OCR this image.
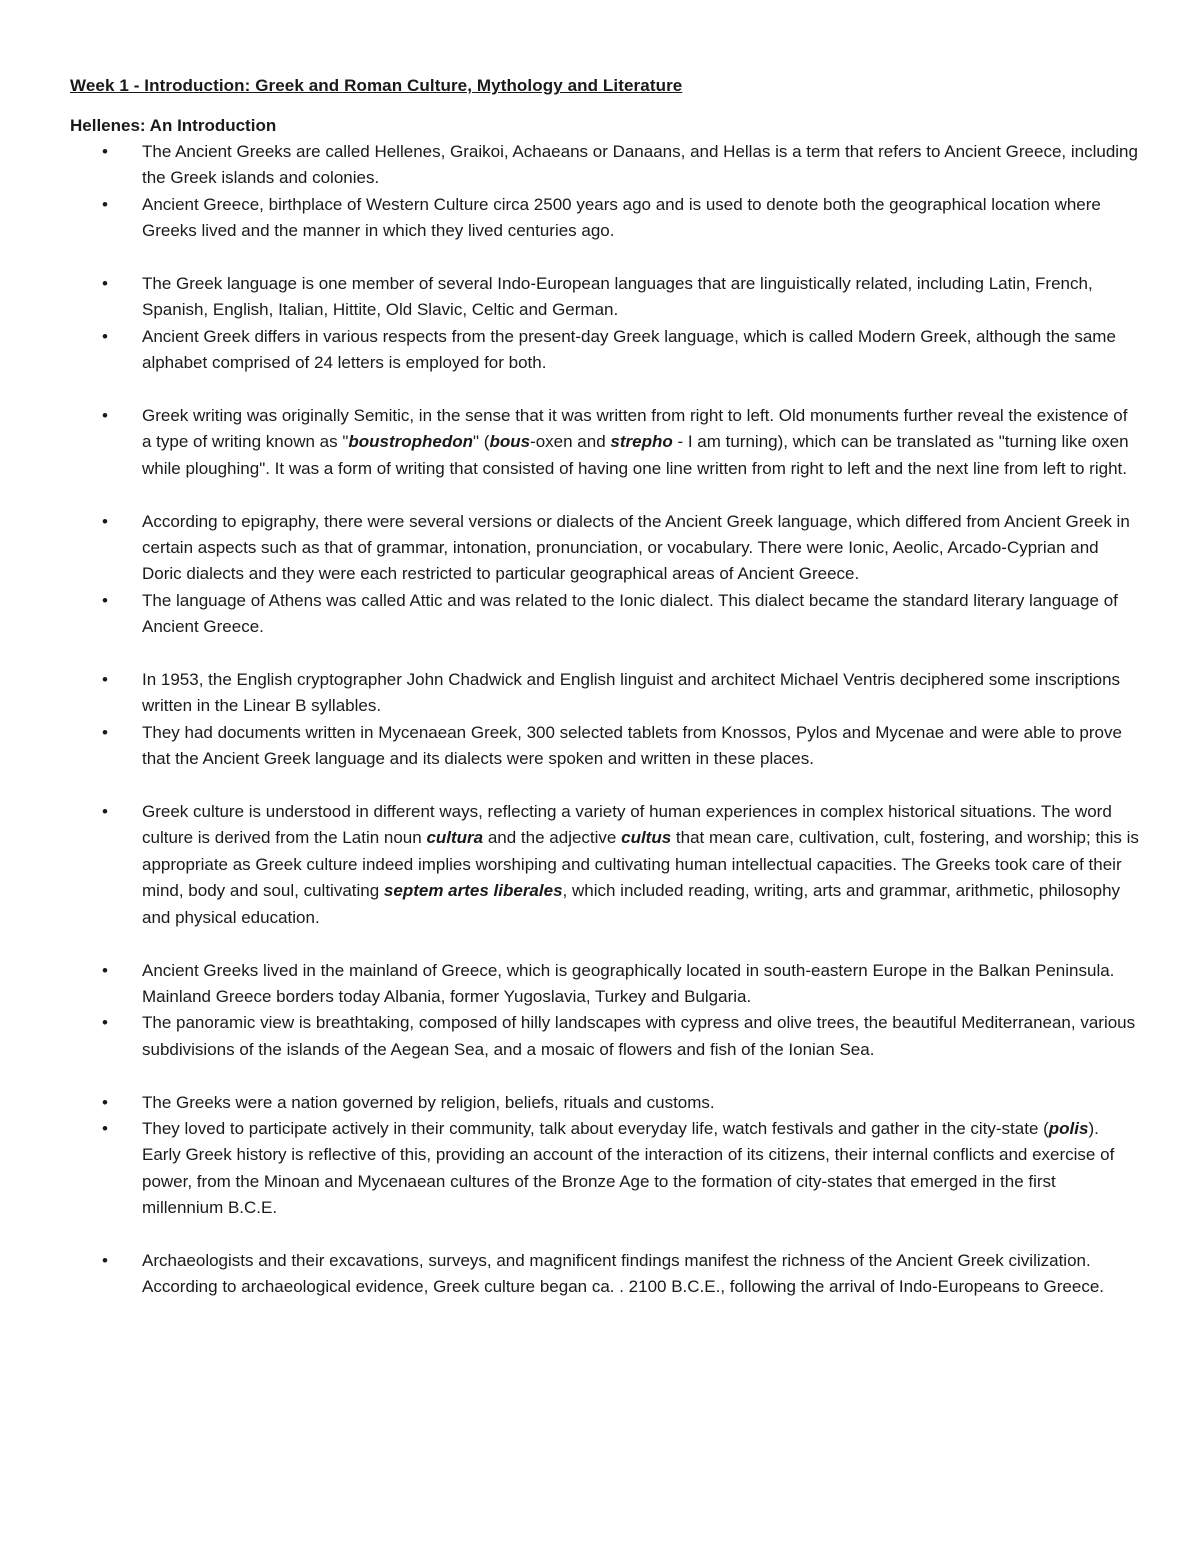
Week 1 - Introduction: Greek and Roman Culture, Mythology and Literature
Hellenes: An Introduction
• The Ancient Greeks are called Hellenes, Graikoi, Achaeans or Danaans, and Hellas is a term that refers to Ancient Greece, including the Greek islands and colonies.
• Ancient Greece, birthplace of Western Culture circa 2500 years ago and is used to denote both the geographical location where Greeks lived and the manner in which they lived centuries ago.
• The Greek language is one member of several Indo-European languages that are linguistically related, including Latin, French, Spanish, English, Italian, Hittite, Old Slavic, Celtic and German.
• Ancient Greek differs in various respects from the present-day Greek language, which is called Modern Greek, although the same alphabet comprised of 24 letters is employed for both.
• Greek writing was originally Semitic, in the sense that it was written from right to left. Old monuments further reveal the existence of a type of writing known as "boustrophedon" (bous-oxen and strepho - I am turning), which can be translated as "turning like oxen while ploughing". It was a form of writing that consisted of having one line written from right to left and the next line from left to right.
• According to epigraphy, there were several versions or dialects of the Ancient Greek language, which differed from Ancient Greek in certain aspects such as that of grammar, intonation, pronunciation, or vocabulary. There were Ionic, Aeolic, Arcado-Cyprian and Doric dialects and they were each restricted to particular geographical areas of Ancient Greece.
• The language of Athens was called Attic and was related to the Ionic dialect. This dialect became the standard literary language of Ancient Greece.
• In 1953, the English cryptographer John Chadwick and English linguist and architect Michael Ventris deciphered some inscriptions written in the Linear B syllables.
• They had documents written in Mycenaean Greek, 300 selected tablets from Knossos, Pylos and Mycenae and were able to prove that the Ancient Greek language and its dialects were spoken and written in these places.
• Greek culture is understood in different ways, reflecting a variety of human experiences in complex historical situations. The word culture is derived from the Latin noun cultura and the adjective cultus that mean care, cultivation, cult, fostering, and worship; this is appropriate as Greek culture indeed implies worshiping and cultivating human intellectual capacities. The Greeks took care of their mind, body and soul, cultivating septem artes liberales, which included reading, writing, arts and grammar, arithmetic, philosophy and physical education.
• Ancient Greeks lived in the mainland of Greece, which is geographically located in south-eastern Europe in the Balkan Peninsula. Mainland Greece borders today Albania, former Yugoslavia, Turkey and Bulgaria.
• The panoramic view is breathtaking, composed of hilly landscapes with cypress and olive trees, the beautiful Mediterranean, various subdivisions of the islands of the Aegean Sea, and a mosaic of flowers and fish of the Ionian Sea.
• The Greeks were a nation governed by religion, beliefs, rituals and customs.
• They loved to participate actively in their community, talk about everyday life, watch festivals and gather in the city-state (polis). Early Greek history is reflective of this, providing an account of the interaction of its citizens, their internal conflicts and exercise of power, from the Minoan and Mycenaean cultures of the Bronze Age to the formation of city-states that emerged in the first millennium B.C.E.
• Archaeologists and their excavations, surveys, and magnificent findings manifest the richness of the Ancient Greek civilization. According to archaeological evidence, Greek culture began ca. . 2100 B.C.E., following the arrival of Indo-Europeans to Greece.
